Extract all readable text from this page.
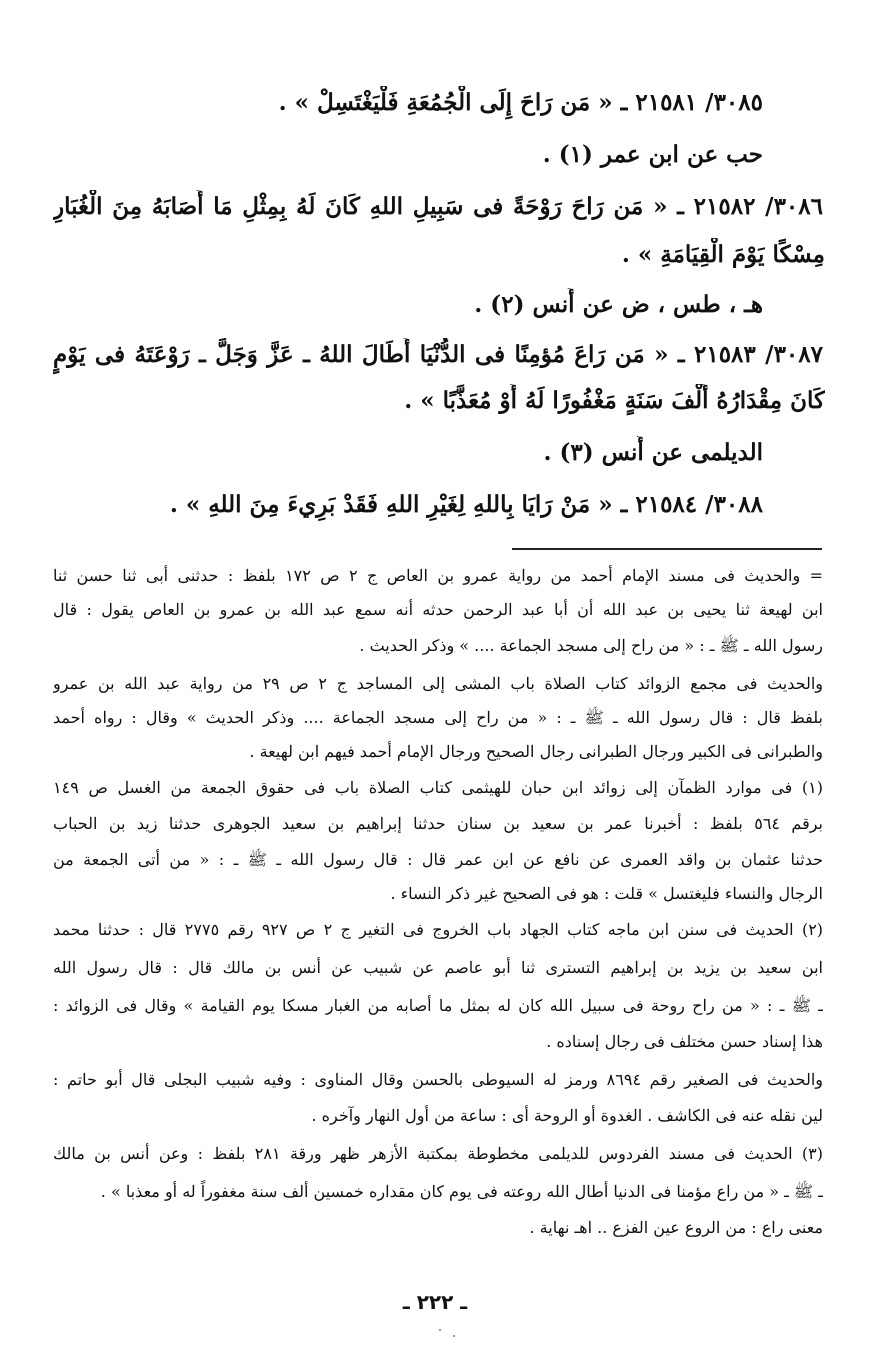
٣٠٨٥/ ٢١٥٨١ ـ « مَن رَاحَ إِلَى الْجُمُعَةِ فَلْيَغْتَسِلْ » .
حب عن ابن عمر (١) .
٣٠٨٦/ ٢١٥٨٢ ـ « مَن رَاحَ رَوْحَةً فى سَبِيلِ اللهِ كَانَ لَهُ بِمِثْلِ مَا أَصَابَهُ مِنَ الْغُبَارِ
مِسْكًا يَوْمَ الْقِيَامَةِ » .
هـ ، طس ، ض عن أَنس (٢) .
٣٠٨٧/ ٢١٥٨٣ ـ « مَن رَاعَ مُؤمِنًا فى الدُّنْيَا أَطَالَ اللهُ ـ عَزَّ وَجَلَّ ـ رَوْعَتَهُ فى يَوْمٍ
كَانَ مِقْدَارُهُ أَلْفَ سَنَةٍ مَغْفُورًا لَهُ أَوْ مُعَذَّبًا » .
الديلمى عن أَنس (٣) .
٣٠٨٨/ ٢١٥٨٤ ـ « مَنْ رَايَا بِاللهِ لِغَيْرِ اللهِ فَقَدْ بَرِيءَ مِنَ اللهِ » .
= والحديث فى مسند الإمام أحمد من رواية عمرو بن العاص ج ٢ ص ١٧٢ بلفظ : حدثنى أبى ثنا حسن ثنا
ابن لهيعة ثنا يحيى بن عبد الله أن أبا عبد الرحمن حدثه أنه سمع عبد الله بن عمرو بن العاص يقول : قال
رسول الله ـ ﷺ ـ : « من راح إلى مسجد الجماعة .... » وذكر الحديث .
والحديث فى مجمع الزوائد كتاب الصلاة باب المشى إلى المساجد ج ٢ ص ٢٩ من رواية عبد الله بن عمرو
بلفظ قال : قال رسول الله ـ ﷺ ـ : « من راح إلى مسجد الجماعة .... وذكر الحديث » وقال : رواه أحمد
والطبرانى فى الكبير ورجال الطبرانى رجال الصحيح ورجال الإمام أحمد فيهم ابن لهيعة .
(١) فى موارد الظمآن إلى زوائد ابن حبان للهيثمى كتاب الصلاة باب فى حقوق الجمعة من الغسل ص ١٤٩
برقم ٥٦٤ بلفظ : أخبرنا عمر بن سعيد بن سنان حدثنا إبراهيم بن سعيد الجوهرى حدثنا زيد بن الحباب
حدثنا عثمان بن واقد العمرى عن نافع عن ابن عمر قال : قال رسول الله ـ ﷺ ـ : « من أتى الجمعة من
الرجال والنساء فليغتسل » قلت : هو فى الصحيح غير ذكر النساء .
(٢) الحديث فى سنن ابن ماجه كتاب الجهاد باب الخروج فى التغير ج ٢ ص ٩٢٧ رقم ٢٧٧٥ قال : حدثنا محمد
ابن سعيد بن يزيد بن إبراهيم التسترى ثنا أبو عاصم عن شبيب عن أنس بن مالك قال : قال رسول الله
ـ ﷺ ـ : « من راح روحة فى سبيل الله كان له بمثل ما أصابه من الغبار مسكا يوم القيامة » وقال فى الزوائد :
هذا إسناد حسن مختلف فى رجال إسناده .
والحديث فى الصغير رقم ٨٦٩٤ ورمز له السيوطى بالحسن وقال المناوى : وفيه شبيب البجلى قال أبو حاتم :
لين نقله عنه فى الكاشف . الغدوة أو الروحة أى : ساعة من أول النهار وآخره .
(٣) الحديث فى مسند الفردوس للديلمى مخطوطة بمكتبة الأزهر ظهر ورقة ٢٨١ بلفظ : وعن أنس بن مالك
ـ ﷺ ـ « من راع مؤمنا فى الدنيا أطال الله روعته فى يوم كان مقداره خمسين ألف سنة مغفوراً له أو معذبا » .
معنى راع : من الروع عين الفزع .. اهـ نهاية .
ـ ٢٢٢ ـ
